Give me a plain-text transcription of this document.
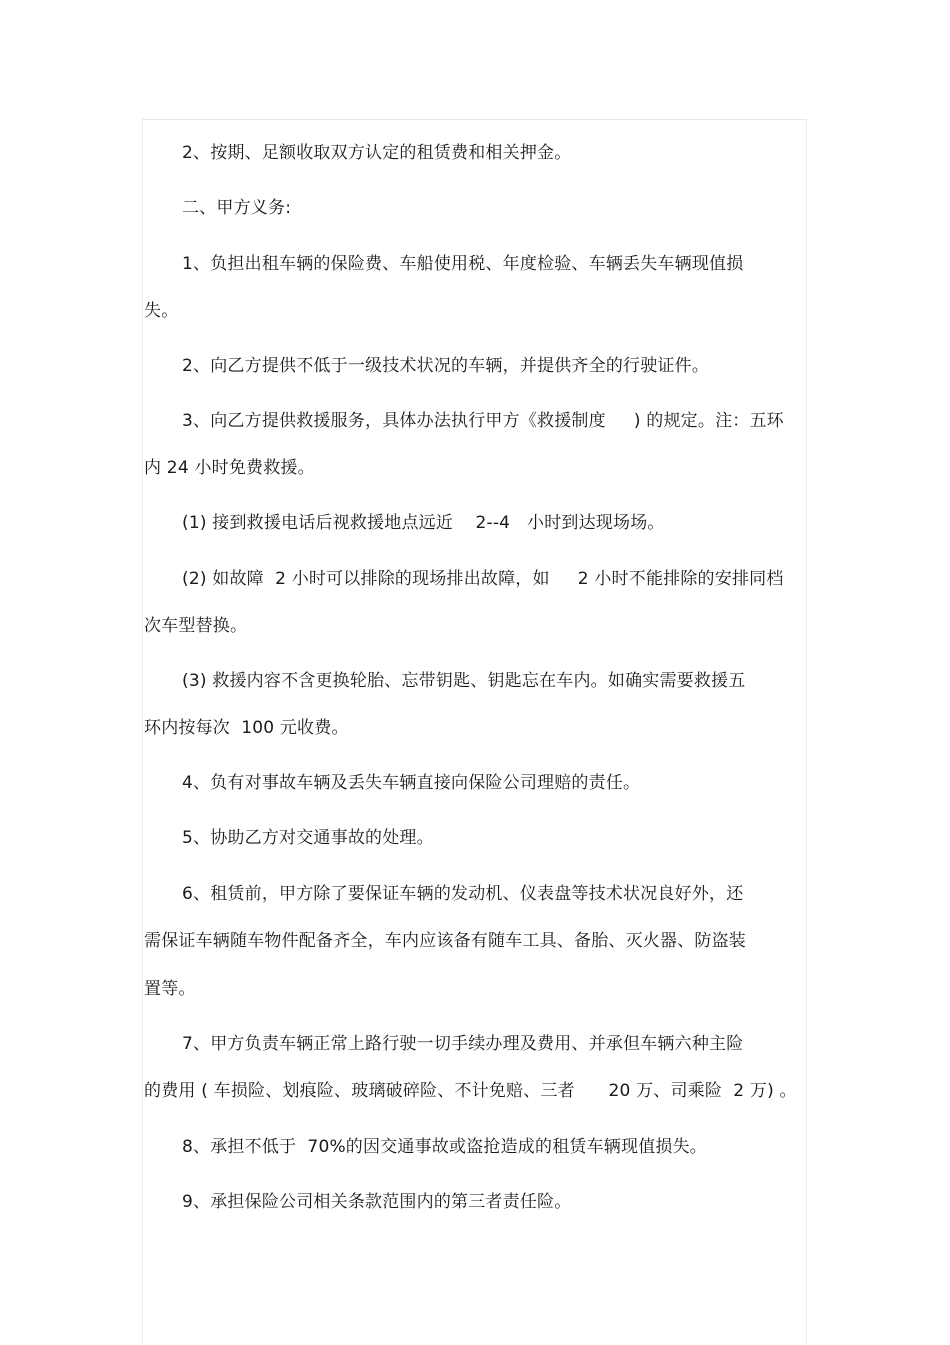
2、按期、足额收取双方认定的租赁费和相关押金。
二、甲方义务:
1、负担出租车辆的保险费、车船使用税、年度检验、车辆丢失车辆现值损
失。
2、向乙方提供不低于一级技术状况的车辆，并提供齐全的行驶证件。
3、向乙方提供救援服务，具体办法执行甲方《救援制度     ) 的规定。注：五环
内 24 小时免费救援。
(1) 接到救援电话后视救援地点远近    2--4   小时到达现场场。
(2) 如故障  2 小时可以排除的现场排出故障，如     2 小时不能排除的安排同档
次车型替换。
(3) 救援内容不含更换轮胎、忘带钥匙、钥匙忘在车内。如确实需要救援五
环内按每次  100 元收费。
4、负有对事故车辆及丢失车辆直接向保险公司理赔的责任。
5、协助乙方对交通事故的处理。
6、租赁前，甲方除了要保证车辆的发动机、仪表盘等技术状况良好外，还
需保证车辆随车物件配备齐全，车内应该备有随车工具、备胎、灭火器、防盗装
置等。
7、甲方负责车辆正常上路行驶一切手续办理及费用、并承但车辆六种主险
的费用 ( 车损险、划痕险、玻璃破碎险、不计免赔、三者      20 万、司乘险  2 万) 。
8、承担不低于  70%的因交通事故或盗抢造成的租赁车辆现值损失。
9、承担保险公司相关条款范围内的第三者责任险。
